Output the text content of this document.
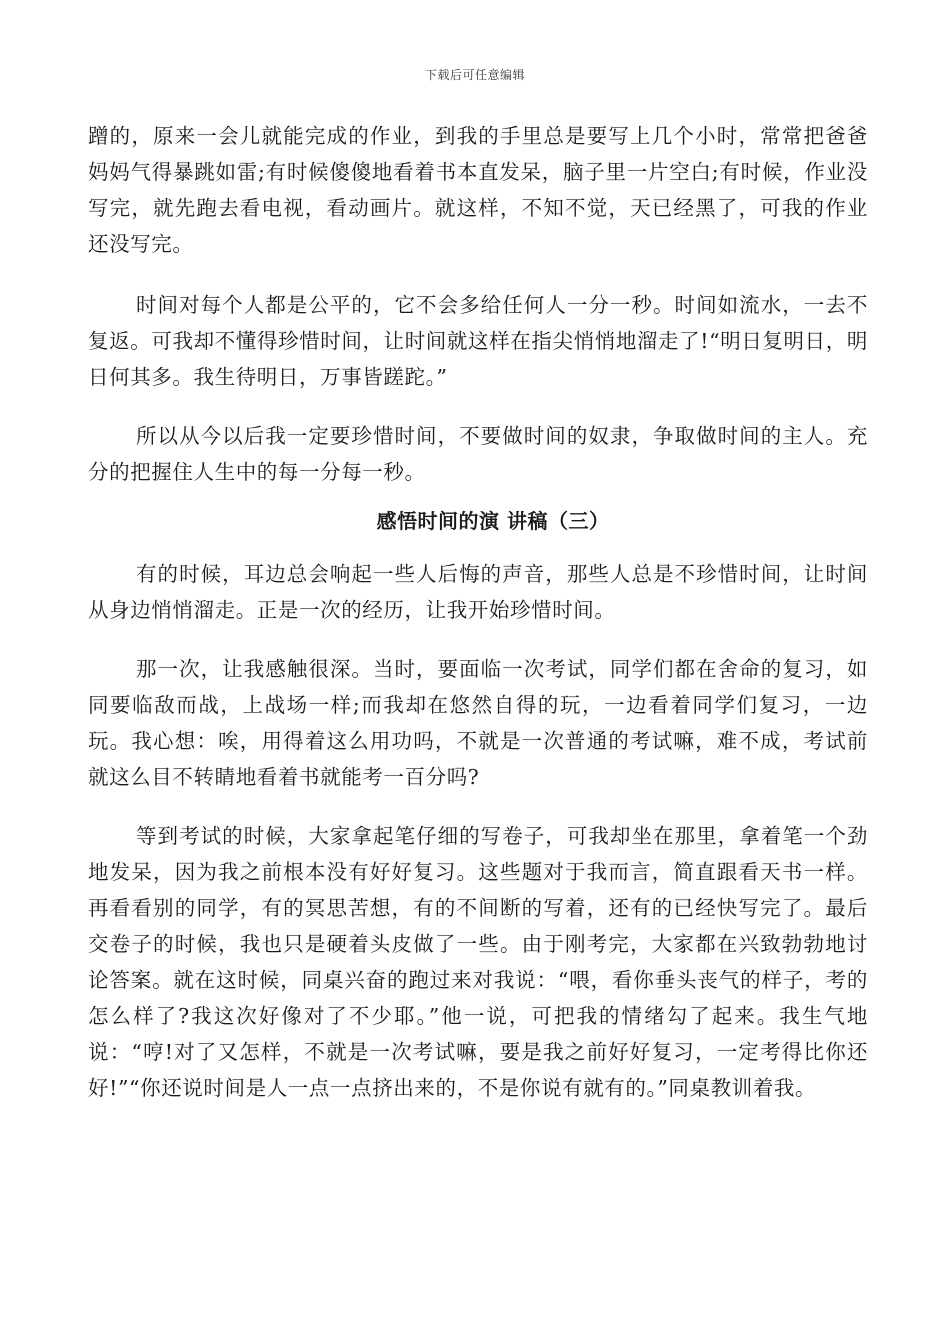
下载后可任意编辑

蹭的，原来一会儿就能完成的作业，到我的手里总是要写上几个小时，常常把爸爸妈妈气得暴跳如雷;有时候傻傻地看着书本直发呆，脑子里一片空白;有时候，作业没写完，就先跑去看电视，看动画片。就这样，不知不觉，天已经黑了，可我的作业还没写完。

时间对每个人都是公平的，它不会多给任何人一分一秒。时间如流水，一去不复返。可我却不懂得珍惜时间，让时间就这样在指尖悄悄地溜走了!“明日复明日，明日何其多。我生待明日，万事皆蹉跎。”

所以从今以后我一定要珍惜时间，不要做时间的奴隶，争取做时间的主人。充分的把握住人生中的每一分每一秒。

感悟时间的演 讲稿（三）

有的时候，耳边总会响起一些人后悔的声音，那些人总是不珍惜时间，让时间从身边悄悄溜走。正是一次的经历，让我开始珍惜时间。

那一次，让我感触很深。当时，要面临一次考试，同学们都在舍命的复习，如同要临敌而战，上战场一样;而我却在悠然自得的玩，一边看着同学们复习，一边玩。我心想：唉，用得着这么用功吗，不就是一次普通的考试嘛，难不成，考试前就这么目不转睛地看着书就能考一百分吗?

等到考试的时候，大家拿起笔仔细的写卷子，可我却坐在那里，拿着笔一个劲地发呆，因为我之前根本没有好好复习。这些题对于我而言，简直跟看天书一样。再看看别的同学，有的冥思苦想，有的不间断的写着，还有的已经快写完了。最后交卷子的时候，我也只是硬着头皮做了一些。由于刚考完，大家都在兴致勃勃地讨论答案。就在这时候，同桌兴奋的跑过来对我说：“喂，看你垂头丧气的样子，考的怎么样了?我这次好像对了不少耶。”他一说，可把我的情绪勾了起来。我生气地说：“哼!对了又怎样，不就是一次考试嘛，要是我之前好好复习，一定考得比你还好!”“你还说时间是人一点一点挤出来的，不是你说有就有的。”同桌教训着我。
